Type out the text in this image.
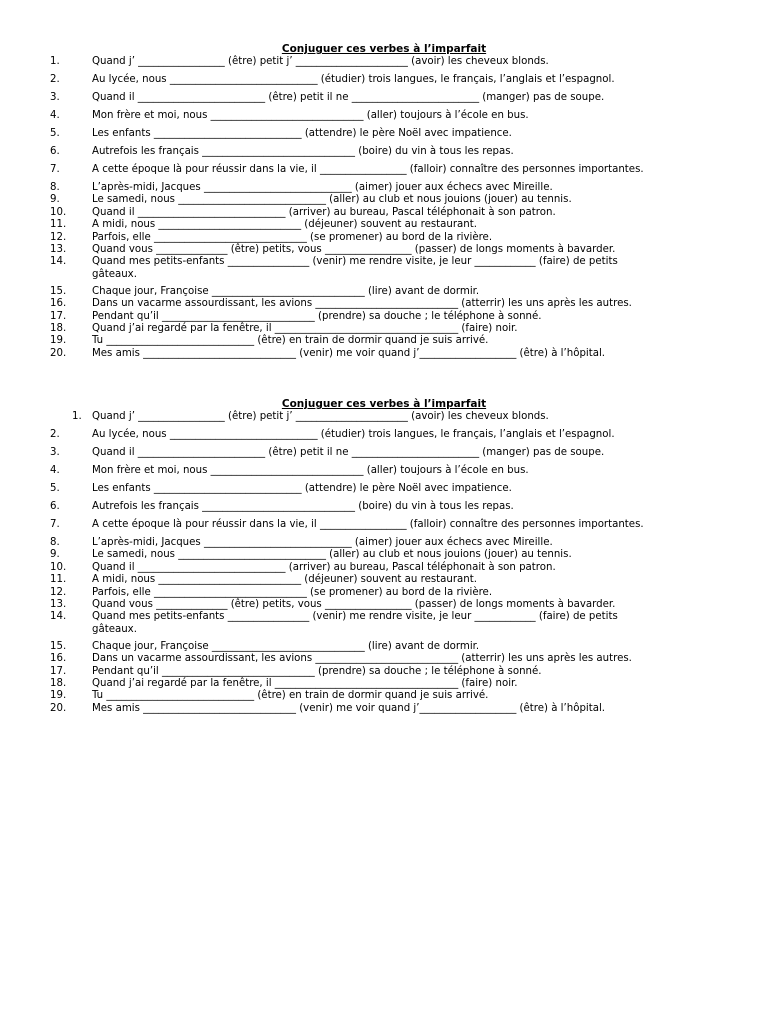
Conjuguer ces verbes à l’imparfait
1.	Quand j’ _________________ (être) petit j’ ______________________ (avoir) les cheveux blonds.
2.	Au lycée, nous _____________________________ (étudier) trois langues, le français, l’anglais et l’espagnol.
3.	Quand il _________________________ (être) petit il ne _________________________ (manger) pas de soupe.
4.	Mon frère et moi, nous ______________________________ (aller) toujours à l’école en bus.
5.	Les enfants _____________________________ (attendre) le père Noël avec impatience.
6.	Autrefois les français ______________________________ (boire) du vin à tous les repas.
7.	A cette époque là pour réussir dans la vie, il _________________ (falloir) connaître des personnes importantes.
8.	L’après-midi, Jacques _____________________________ (aimer) jouer aux échecs avec Mireille.
9.	Le samedi, nous _____________________________ (aller) au club et nous jouions (jouer) au tennis.
10.	Quand il _____________________________ (arriver) au bureau, Pascal téléphonait à son patron.
11.	A midi, nous ____________________________ (déjeuner) souvent au restaurant.
12.	Parfois, elle ______________________________ (se promener) au bord de la rivière.
13.	Quand vous ______________ (être) petits, vous _________________ (passer) de longs moments à bavarder.
14.	Quand mes petits-enfants ________________ (venir) me rendre visite, je leur ____________ (faire) de petits
gâteaux.
15.	Chaque jour, Françoise ______________________________ (lire) avant de dormir.
16.	Dans un vacarme assourdissant, les avions ____________________________ (atterrir) les uns après les autres.
17.	Pendant qu’il ______________________________ (prendre) sa douche ; le téléphone à sonné.
18.	Quand j’ai regardé par la fenêtre, il ____________________________________ (faire) noir.
19.	Tu _____________________________ (être) en train de dormir quand je suis arrivé.
20.	Mes amis ______________________________ (venir) me voir quand j’___________________ (être) à l’hôpital.
Conjuguer ces verbes à l’imparfait
1. Quand j’ _________________ (être) petit j’ ______________________ (avoir) les cheveux blonds.
2.	Au lycée, nous _____________________________ (étudier) trois langues, le français, l’anglais et l’espagnol.
3.	Quand il _________________________ (être) petit il ne _________________________ (manger) pas de soupe.
4.	Mon frère et moi, nous ______________________________ (aller) toujours à l’école en bus.
5.	Les enfants _____________________________ (attendre) le père Noël avec impatience.
6.	Autrefois les français ______________________________ (boire) du vin à tous les repas.
7.	A cette époque là pour réussir dans la vie, il _________________ (falloir) connaître des personnes importantes.
8.	L’après-midi, Jacques _____________________________ (aimer) jouer aux échecs avec Mireille.
9.	Le samedi, nous _____________________________ (aller) au club et nous jouions (jouer) au tennis.
10.	Quand il _____________________________ (arriver) au bureau, Pascal téléphonait à son patron.
11.	A midi, nous ____________________________ (déjeuner) souvent au restaurant.
12.	Parfois, elle ______________________________ (se promener) au bord de la rivière.
13.	Quand vous ______________ (être) petits, vous _________________ (passer) de longs moments à bavarder.
14.	Quand mes petits-enfants ________________ (venir) me rendre visite, je leur ____________ (faire) de petits
gâteaux.
15.	Chaque jour, Françoise ______________________________ (lire) avant de dormir.
16.	Dans un vacarme assourdissant, les avions ____________________________ (atterrir) les uns après les autres.
17.	Pendant qu’il ______________________________ (prendre) sa douche ; le téléphone à sonné.
18.	Quand j’ai regardé par la fenêtre, il ____________________________________ (faire) noir.
19.	Tu _____________________________ (être) en train de dormir quand je suis arrivé.
20.	Mes amis ______________________________ (venir) me voir quand j’___________________ (être) à l’hôpital.
